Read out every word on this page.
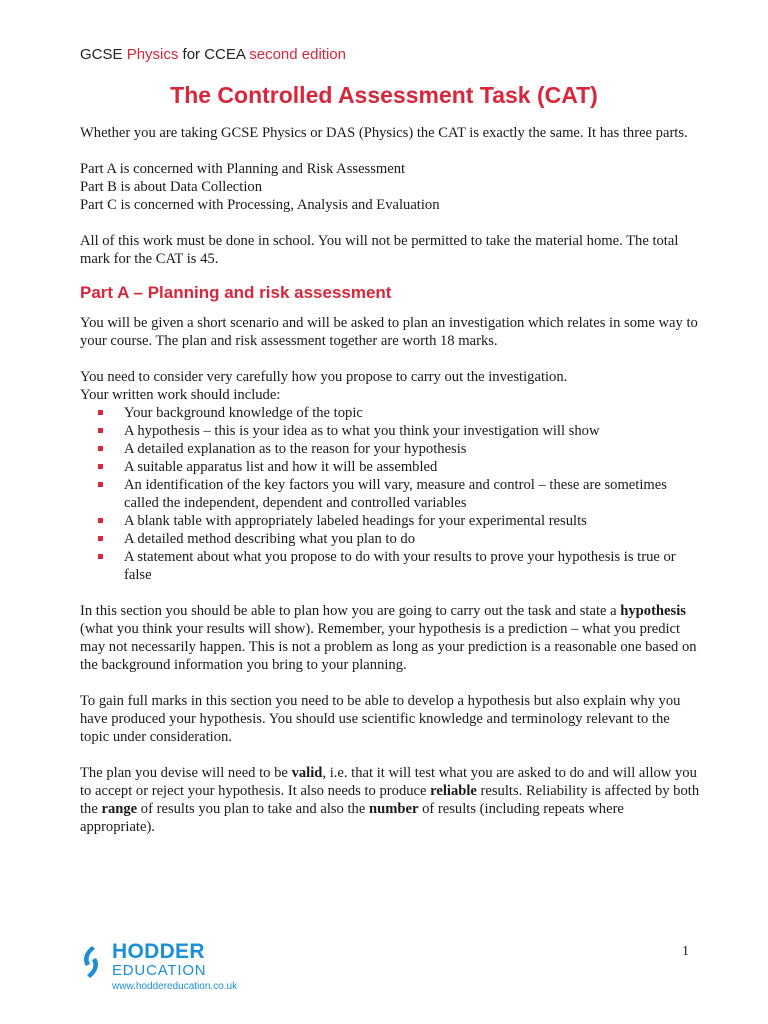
GCSE Physics for CCEA second edition
The Controlled Assessment Task (CAT)

Whether you are taking GCSE Physics or DAS (Physics) the CAT is exactly the same. It has three parts.

Part A is concerned with Planning and Risk Assessment

Part B is about Data Collection

Part C is concerned with Processing, Analysis and Evaluation

All of this work must be done in school. You will not be permitted to take the material home. The total mark for the CAT is 45.

Part A – Planning and risk assessment

You will be given a short scenario and will be asked to plan an investigation which relates in some way to your course. The plan and risk assessment together are worth 18 marks.

You need to consider very carefully how you propose to carry out the investigation.

Your written work should include:

Your background knowledge of the topic
A hypothesis – this is your idea as to what you think your investigation will show
A detailed explanation as to the reason for your hypothesis
A suitable apparatus list and how it will be assembled
An identification of the key factors you will vary, measure and control – these are sometimes called the independent, dependent and controlled variables
A blank table with appropriately labeled headings for your experimental results
A detailed method describing what you plan to do
A statement about what you propose to do with your results to prove your hypothesis is true or false

In this section you should be able to plan how you are going to carry out the task and state a hypothesis (what you think your results will show). Remember, your hypothesis is a prediction – what you predict may not necessarily happen. This is not a problem as long as your prediction is a reasonable one based on the background information you bring to your planning.

To gain full marks in this section you need to be able to develop a hypothesis but also explain why you have produced your hypothesis. You should use scientific knowledge and terminology relevant to the topic under consideration.

The plan you devise will need to be valid, i.e. that it will test what you are asked to do and will allow you to accept or reject your hypothesis. It also needs to produce reliable results. Reliability is affected by both the range of results you plan to take and also the number of results (including repeats where appropriate).

HODDER
EDUCATION
www.hoddereducation.co.uk
1
